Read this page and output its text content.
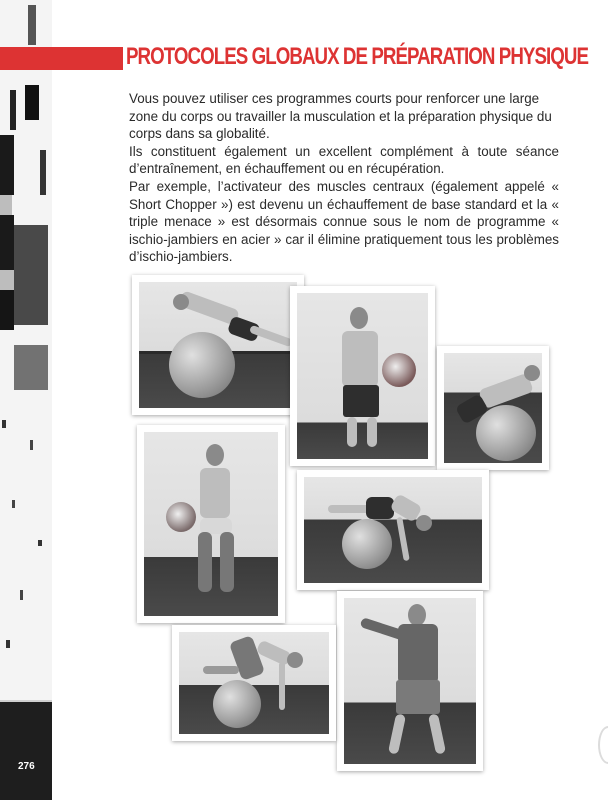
276
PROTOCOLES GLOBAUX DE PRÉPARATION PHYSIQUE

Vous pouvez utiliser ces programmes courts pour renforcer une large zone du corps ou travailler la musculation et la préparation physique du corps dans sa globalité.

Ils constituent également un excellent complément à toute séance d’entraînement, en échauffement ou en récupération.

Par exemple, l’activateur des muscles centraux (également appelé « Short Chopper ») est devenu un échauffement de base standard et la « triple menace » est désormais connue sous le nom de programme « ischio-jambiers en acier » car il élimine pratiquement tous les problèmes d’ischio-jambiers.
